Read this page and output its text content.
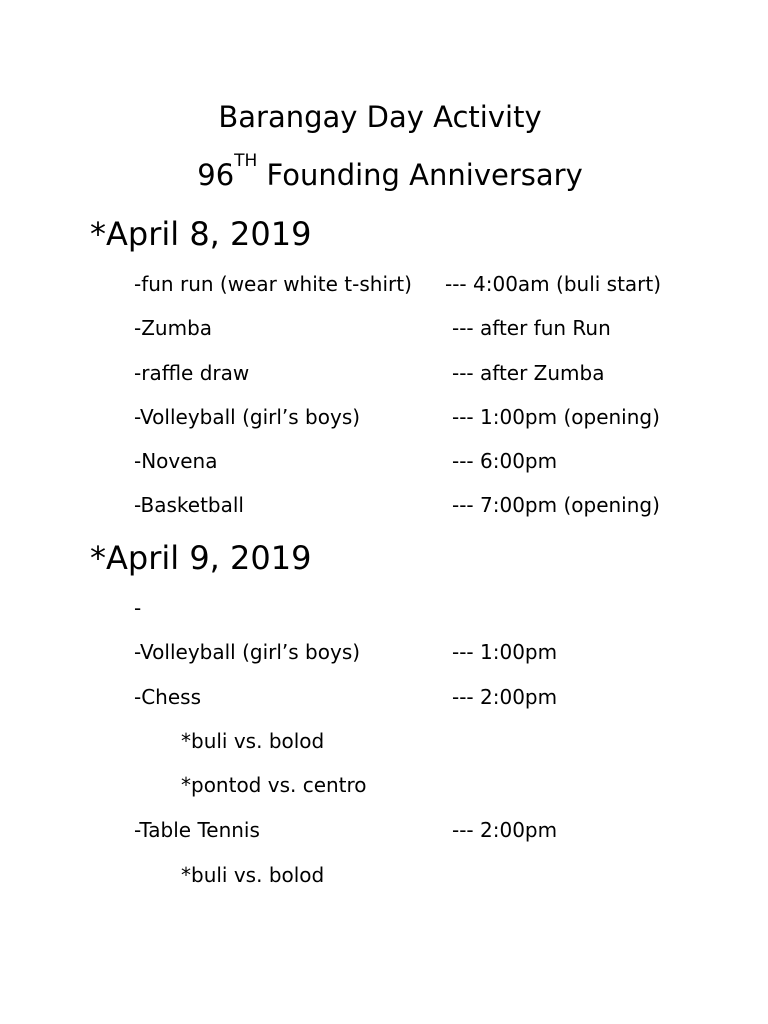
Barangay Day Activity
96TH Founding Anniversary
*April 8, 2019
-fun run (wear white t-shirt) --- 4:00am (buli start)
-Zumba	--- after fun Run
-raffle draw	--- after Zumba
-Volleyball (girl’s boys)	--- 1:00pm (opening)
-Novena	--- 6:00pm
-Basketball	--- 7:00pm (opening)
*April 9, 2019
-
-Volleyball (girl’s boys)	--- 1:00pm
-Chess	--- 2:00pm
*buli vs. bolod
*pontod vs. centro
-Table Tennis	--- 2:00pm
*buli vs. bolod
